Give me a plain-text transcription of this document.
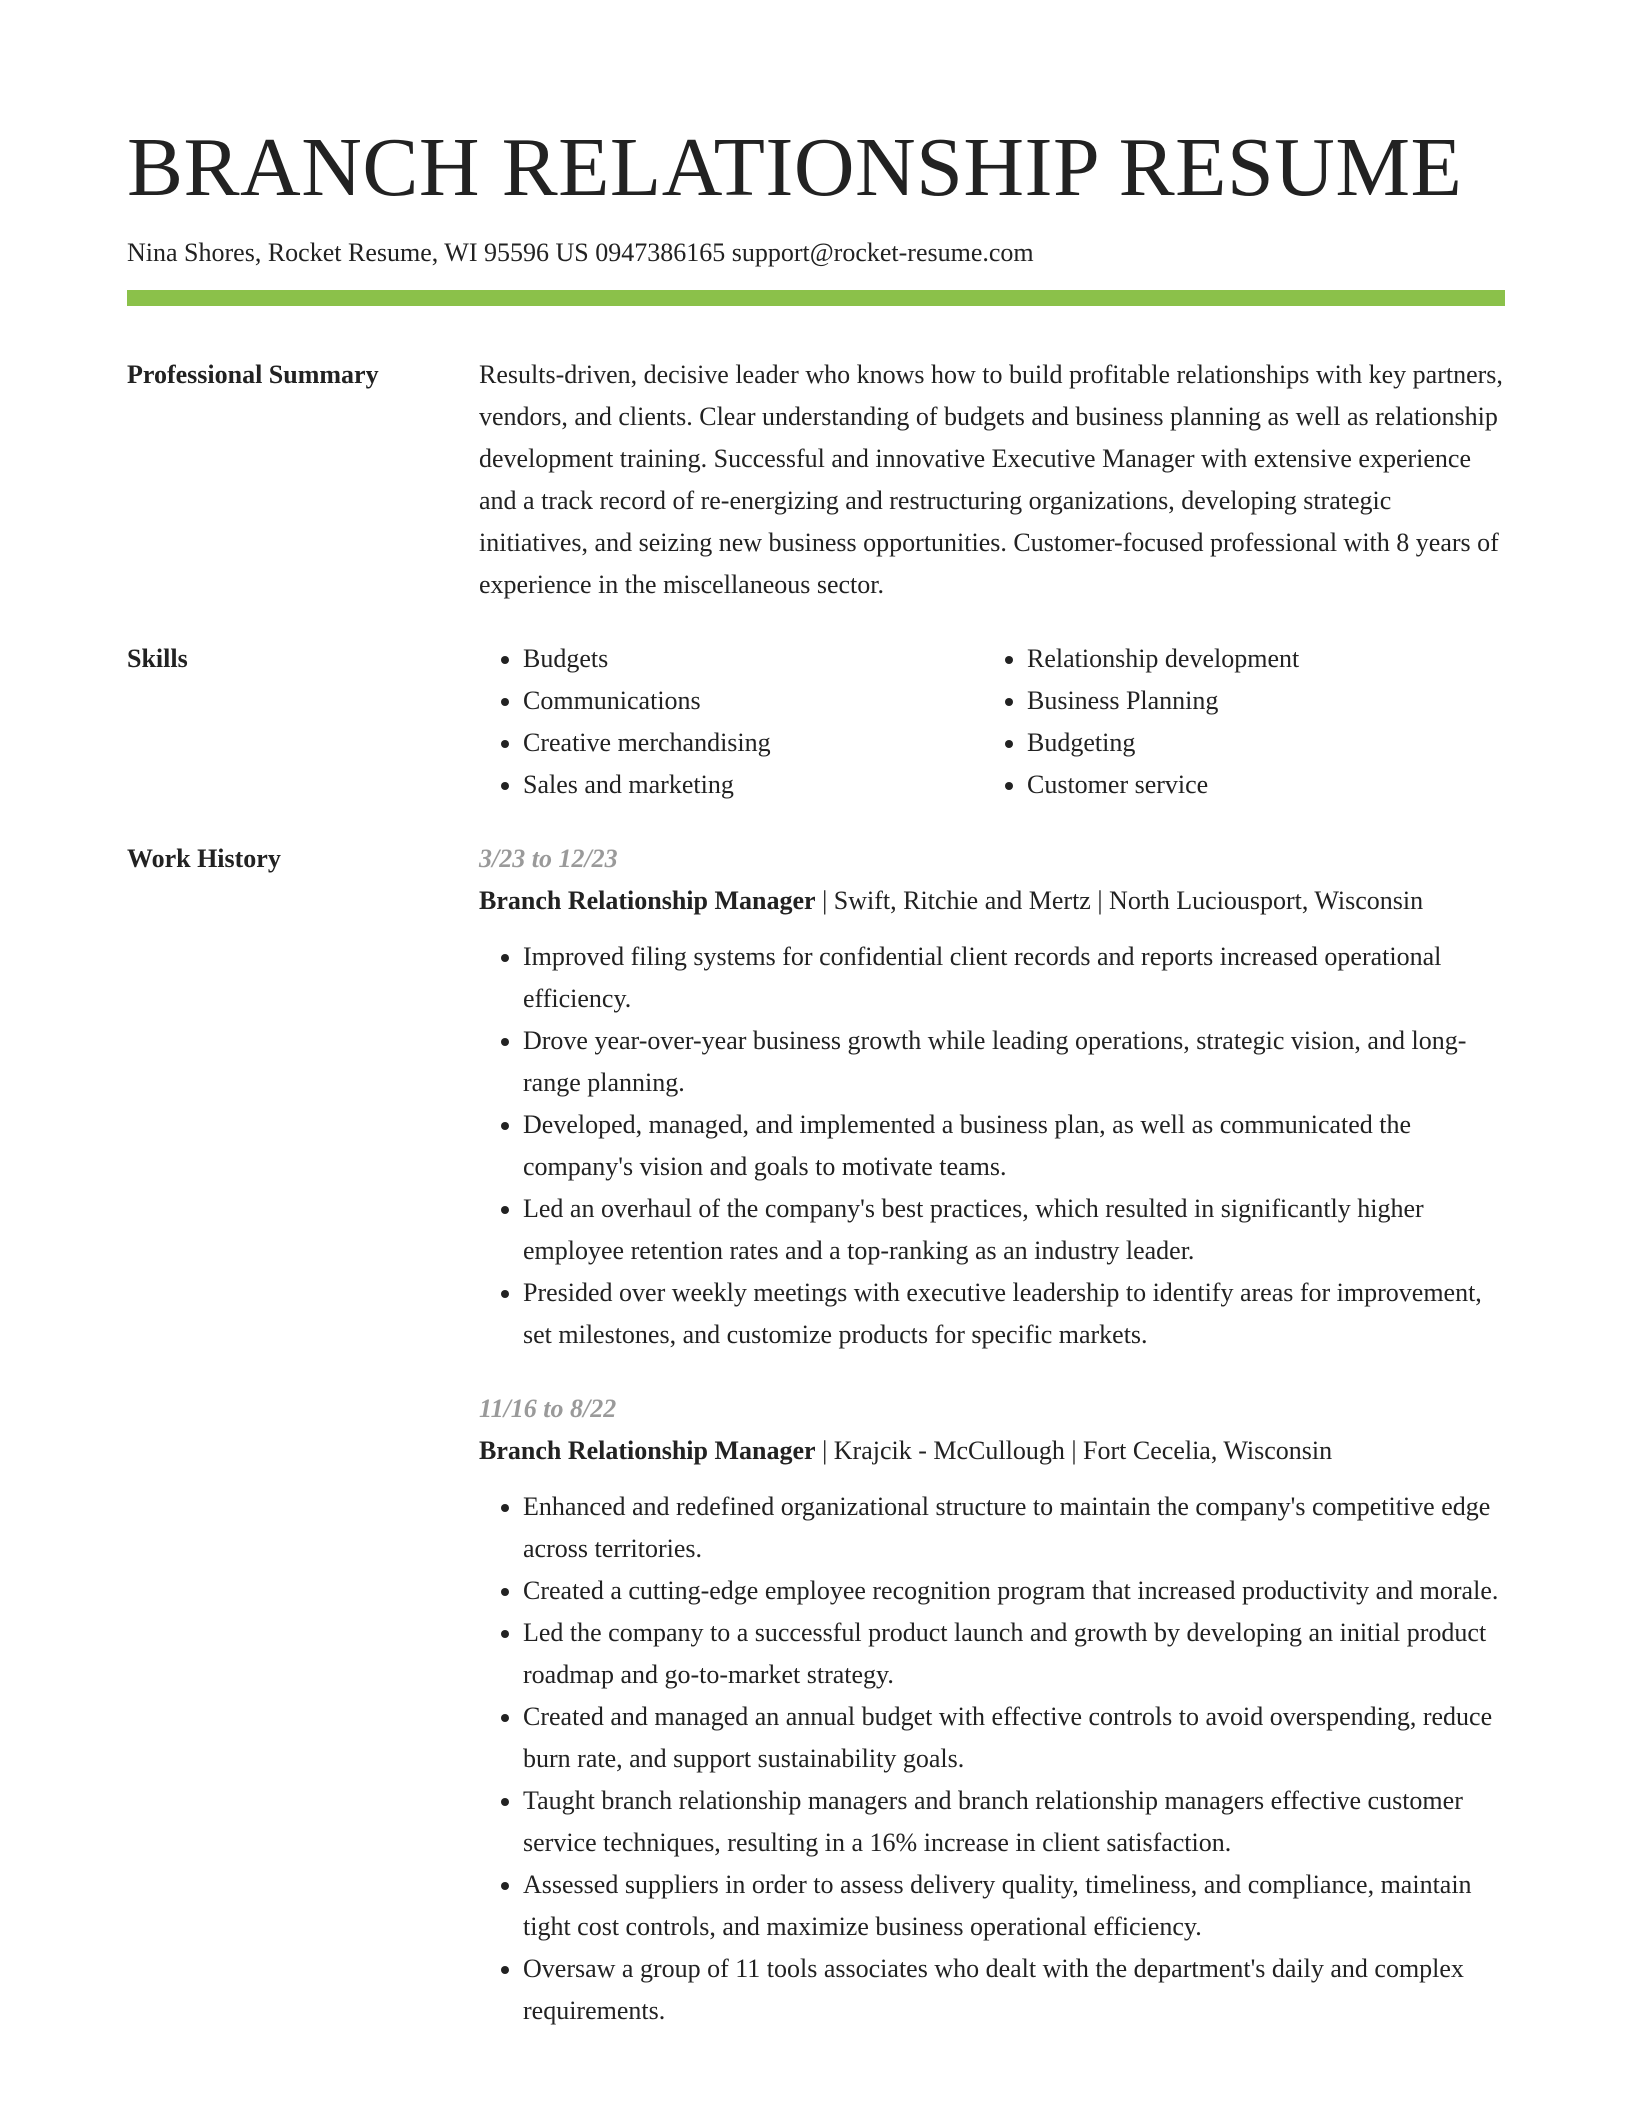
BRANCH RELATIONSHIP RESUME
Nina Shores, Rocket Resume, WI 95596 US 0947386165 support@rocket-resume.com
Professional Summary	Results-driven, decisive leader who knows how to build profitable relationships with key partners, vendors, and clients. Clear understanding of budgets and business planning as well as relationship development training. Successful and innovative Executive Manager with extensive experience and a track record of re-energizing and restructuring organizations, developing strategic initiatives, and seizing new business opportunities. Customer-focused professional with 8 years of experience in the miscellaneous sector.
Skills
•	Budgets
• Communications
• Creative merchandising
• Sales and marketing
• Relationship development
• Business Planning
• Budgeting
• Customer service
Work History	3/23 to 12/23
Branch Relationship Manager | Swift, Ritchie and Mertz | North Luciousport, Wisconsin
• Improved filing systems for confidential client records and reports increased operational efficiency.
• Drove year-over-year business growth while leading operations, strategic vision, and long-range planning.
• Developed, managed, and implemented a business plan, as well as communicated the company's vision and goals to motivate teams.
• Led an overhaul of the company's best practices, which resulted in significantly higher employee retention rates and a top-ranking as an industry leader.
• Presided over weekly meetings with executive leadership to identify areas for improvement, set milestones, and customize products for specific markets.
11/16 to 8/22
Branch Relationship Manager | Krajcik - McCullough | Fort Cecelia, Wisconsin
• Enhanced and redefined organizational structure to maintain the company's competitive edge across territories.
• Created a cutting-edge employee recognition program that increased productivity and morale.
• Led the company to a successful product launch and growth by developing an initial product roadmap and go-to-market strategy.
• Created and managed an annual budget with effective controls to avoid overspending, reduce burn rate, and support sustainability goals.
• Taught branch relationship managers and branch relationship managers effective customer service techniques, resulting in a 16% increase in client satisfaction.
• Assessed suppliers in order to assess delivery quality, timeliness, and compliance, maintain tight cost controls, and maximize business operational efficiency.
• Oversaw a group of 11 tools associates who dealt with the department's daily and complex requirements.
